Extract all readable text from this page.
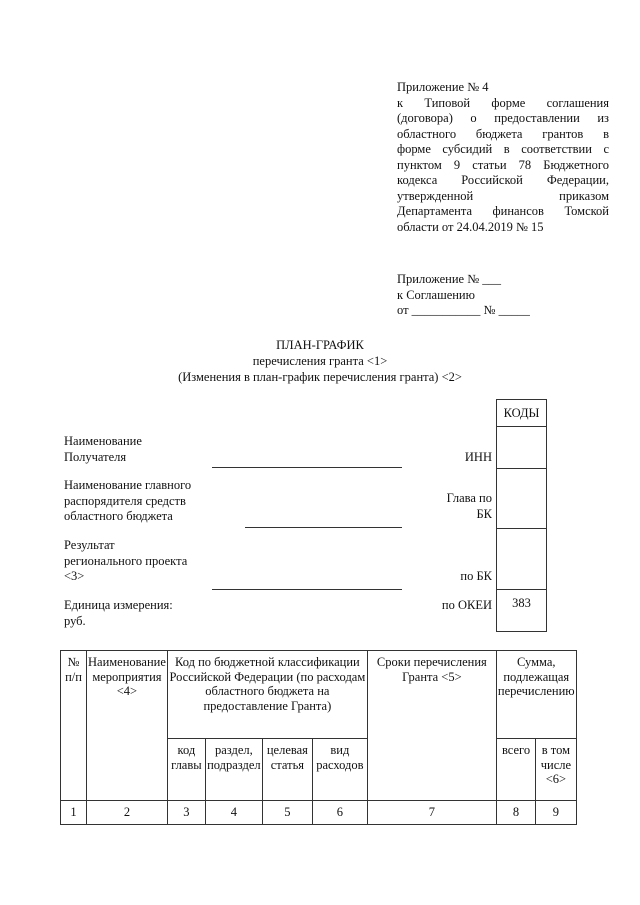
Приложение № 4
к Типовой форме соглашения
(договора) о предоставлении из
областного бюджета грантов в
форме субсидий в соответствии с
пунктом 9 статьи 78 Бюджетного
кодекса Российской Федерации,
утвержденной приказом
Департамента финансов Томской
области от 24.04.2019 № 15
Приложение № ___
к Соглашению
от ___________ № _____
ПЛАН-ГРАФИК
перечисления гранта <1>
(Изменения в план-график перечисления гранта) <2>
КОДЫ
383
Наименование
Получателя
Наименование главного
распорядителя средств
областного бюджета
Результат
регионального проекта
<3>
Единица измерения:
руб.
ИНН
Глава по
БК
по БК
по ОКЕИ
№ п/п	Наименование мероприятия <4>	Код по бюджетной классификации Российской Федерации (по расходам областного бюджета на предоставление Гранта)				Сроки перечисления Гранта <5>	Сумма, подлежащая перечислению	
		код главы	раздел, подраздел	целевая статья	вид расходов		всего	в том числе <6>
1	2	3	4	5	6	7	8	9
